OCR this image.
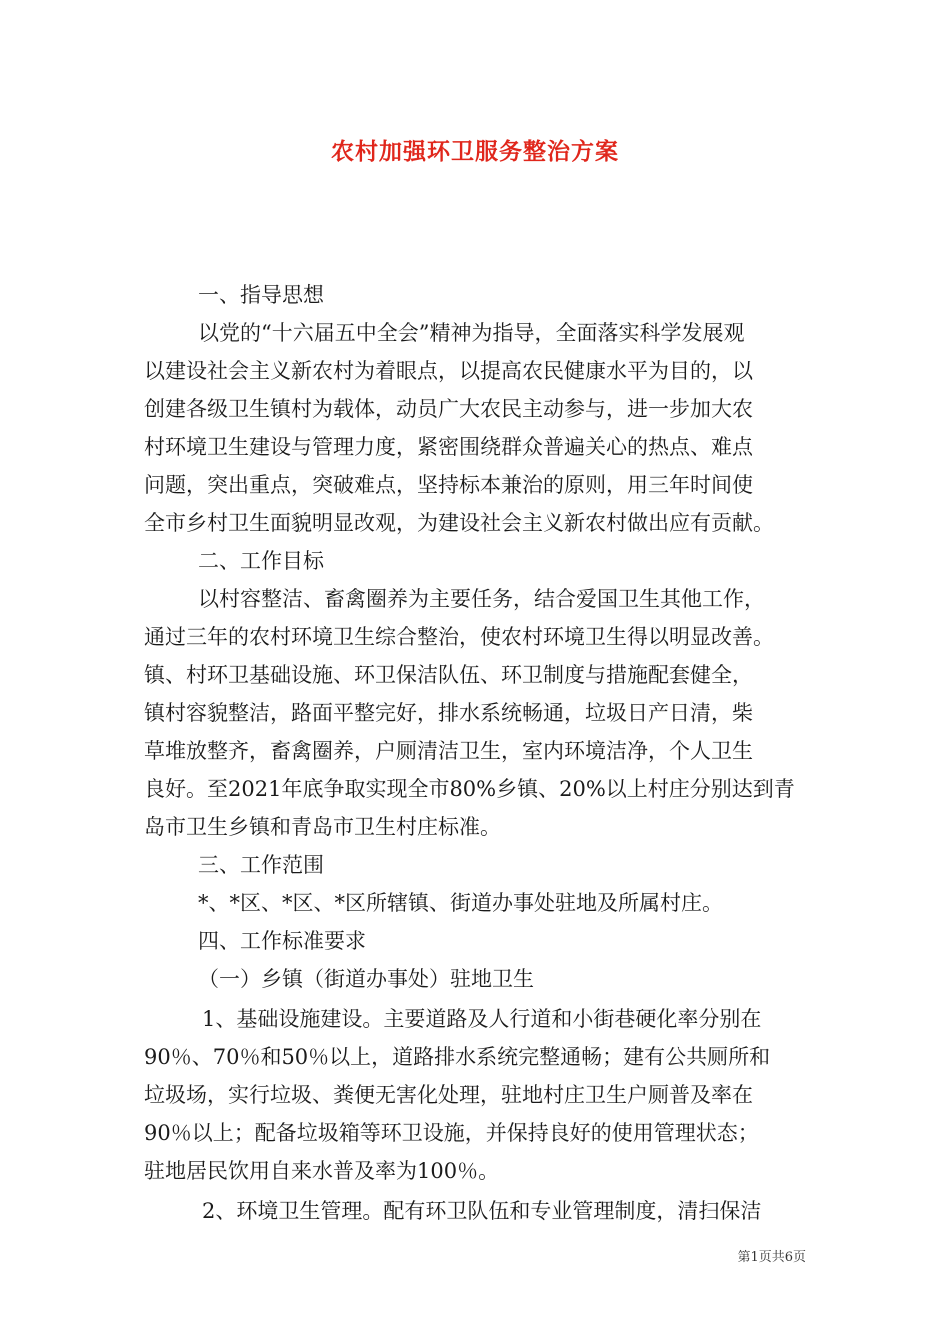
农村加强环卫服务整治方案
一、指导思想
以党的“十六届五中全会”精神为指导，全面落实科学发展观
以建设社会主义新农村为着眼点，以提高农民健康水平为目的，以
创建各级卫生镇村为载体，动员广大农民主动参与，进一步加大农
村环境卫生建设与管理力度，紧密围绕群众普遍关心的热点、难点
问题，突出重点，突破难点，坚持标本兼治的原则，用三年时间使
全市乡村卫生面貌明显改观，为建设社会主义新农村做出应有贡献。
二、工作目标
以村容整洁、畜禽圈养为主要任务，结合爱国卫生其他工作，
通过三年的农村环境卫生综合整治，使农村环境卫生得以明显改善。
镇、村环卫基础设施、环卫保洁队伍、环卫制度与措施配套健全，
镇村容貌整洁，路面平整完好，排水系统畅通，垃圾日产日清，柴
草堆放整齐，畜禽圈养，户厕清洁卫生，室内环境洁净，个人卫生
良好。至2021年底争取实现全市80%乡镇、20%以上村庄分别达到青
岛市卫生乡镇和青岛市卫生村庄标准。
三、工作范围
*、*区、*区、*区所辖镇、街道办事处驻地及所属村庄。
四、工作标准要求
（一）乡镇（街道办事处）驻地卫生
1、基础设施建设。主要道路及人行道和小街巷硬化率分别在
90％、70％和50％以上，道路排水系统完整通畅；建有公共厕所和
垃圾场，实行垃圾、粪便无害化处理，驻地村庄卫生户厕普及率在
90％以上；配备垃圾箱等环卫设施，并保持良好的使用管理状态；
驻地居民饮用自来水普及率为100％。
2、环境卫生管理。配有环卫队伍和专业管理制度，清扫保洁
第1页共6页
